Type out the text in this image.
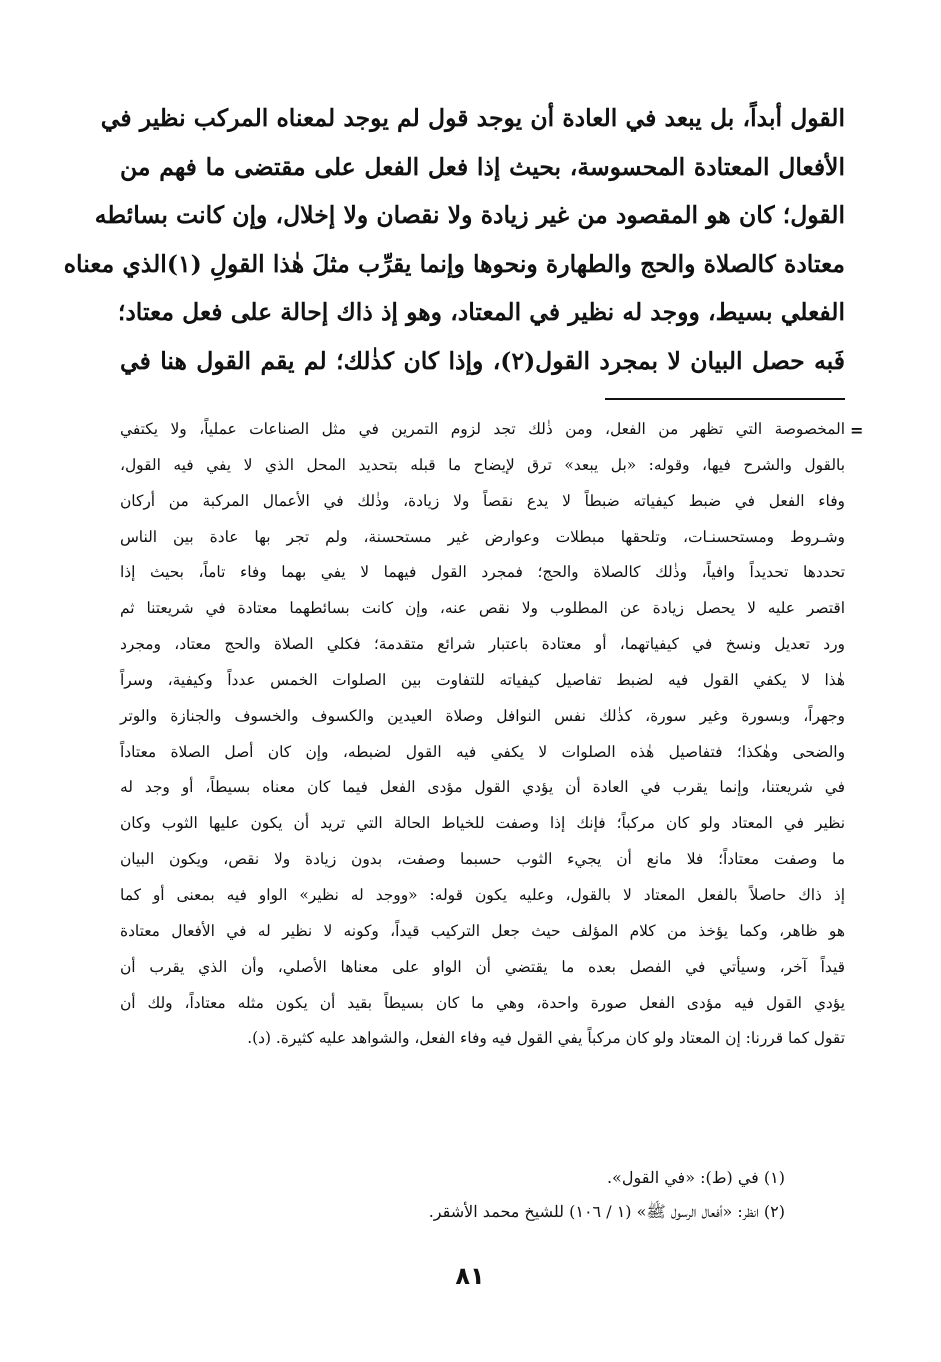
القول أبداً، بل يبعد في العادة أن يوجد قول لم يوجد لمعناه المركب نظير في
الأفعال المعتادة المحسوسة، بحيث إذا فعل الفعل على مقتضى ما فهم من
القول؛ كان هو المقصود من غير زيادة ولا نقصان ولا إخلال، وإن كانت بسائطه
معتادة كالصلاة والحج والطهارة ونحوها وإنما يقرِّب مثلَ هٰذا القولِ (١)الذي معناه
الفعلي بسيط، ووجد له نظير في المعتاد، وهو إذ ذاك إحالة على فعل معتاد؛
فَبه حصل البيان لا بمجرد القول(٢)، وإذا كان كذٰلك؛ لم يقم القول هنا في
=
المخصوصة التي تظهر من الفعل، ومن ذٰلك تجد لزوم التمرين في مثل الصناعات عملياً، ولا يكتفي
بالقول والشرح فيها، وقوله: «بل يبعد» ترق لإيضاح ما قبله بتحديد المحل الذي لا يفي فيه القول،
وفاء الفعل في ضبط كيفياته ضبطاً لا يدع نقصاً ولا زيادة، وذٰلك في الأعمال المركبة من أركان
وشـروط ومستحسنـات، وتلحقها مبطلات وعوارض غير مستحسنة، ولم تجر بها عادة بين الناس
تحددها تحديداً وافياً، وذٰلك كالصلاة والحج؛ فمجرد القول فيهما لا يفي بهما وفاء تاماً، بحيث إذا
اقتصر عليه لا يحصل زيادة عن المطلوب ولا نقص عنه، وإن كانت بسائطهما معتادة في شريعتنا ثم
ورد تعديل ونسخ في كيفياتهما، أو معتادة باعتبار شرائع متقدمة؛ فكلي الصلاة والحج معتاد، ومجرد
هٰذا لا يكفي القول فيه لضبط تفاصيل كيفياته للتفاوت بين الصلوات الخمس عدداً وكيفية، وسراً
وجهراً، وبسورة وغير سورة، كذٰلك نفس النوافل وصلاة العيدين والكسوف والخسوف والجنازة والوتر
والضحى وهٰكذا؛ فتفاصيل هٰذه الصلوات لا يكفي فيه القول لضبطه، وإن كان أصل الصلاة معتاداً
في شريعتنا، وإنما يقرب في العادة أن يؤدي القول مؤدى الفعل فيما كان معناه بسيطاً، أو وجد له
نظير في المعتاد ولو كان مركباً؛ فإنك إذا وصفت للخياط الحالة التي تريد أن يكون عليها الثوب وكان
ما وصفت معتاداً؛ فلا مانع أن يجيء الثوب حسبما وصفت، بدون زيادة ولا نقص، ويكون البيان
إذ ذاك حاصلاً بالفعل المعتاد لا بالقول، وعليه يكون قوله: «ووجد له نظير» الواو فيه بمعنى أو كما
هو ظاهر، وكما يؤخذ من كلام المؤلف حيث جعل التركيب قيداً، وكونه لا نظير له في الأفعال معتادة
قيداً آخر، وسيأتي في الفصل بعده ما يقتضي أن الواو على معناها الأصلي، وأن الذي يقرب أن
يؤدي القول فيه مؤدى الفعل صورة واحدة، وهي ما كان بسيطاً بقيد أن يكون مثله معتاداً، ولك أن
تقول كما قررنا: إن المعتاد ولو كان مركباً يفي القول فيه وفاء الفعل، والشواهد عليه كثيرة. (د).
(١) في (ط): «في القول».
(٢) انظر: «أفعال الرسول ﷺ» (١ / ١٠٦) للشيخ محمد الأشقر.
٨١
